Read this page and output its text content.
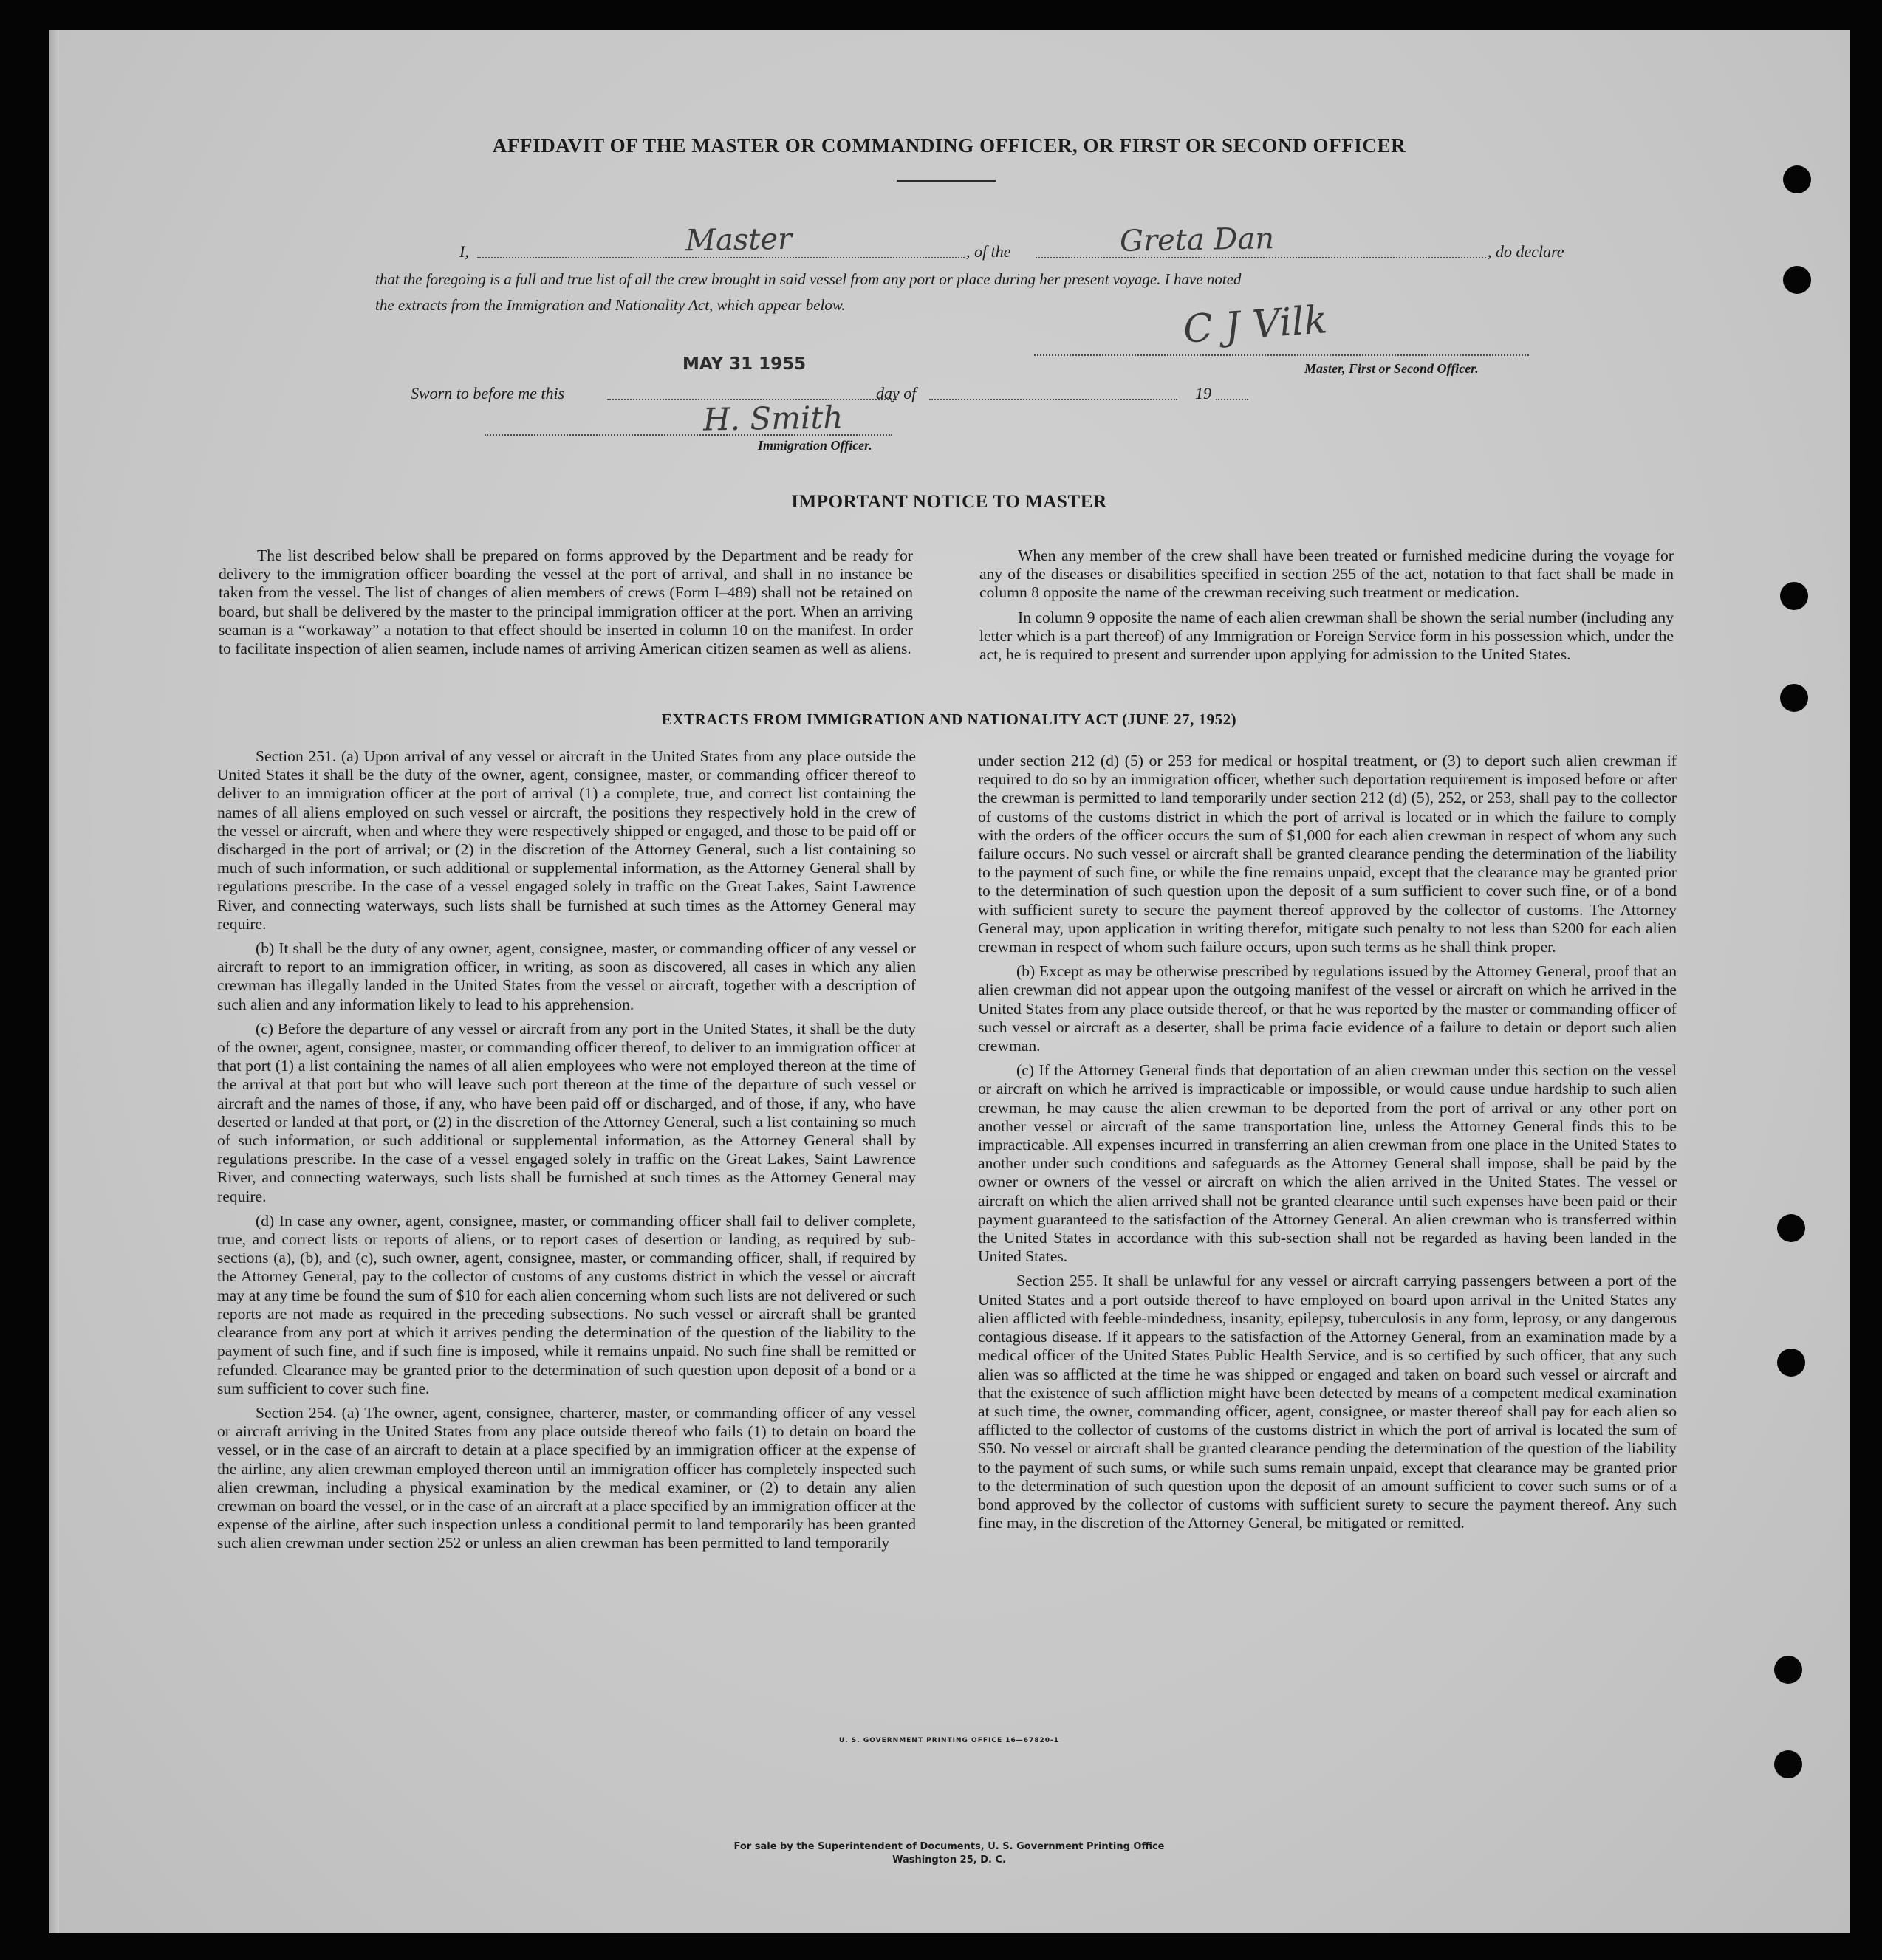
AFFIDAVIT OF THE MASTER OR COMMANDING OFFICER, OR FIRST OR SECOND OFFICER
I,	Master	, of the	Greta Dan	, do declare
that the foregoing is a full and true list of all the crew brought in said vessel from any port or place during her present voyage. I have noted
the extracts from the Immigration and Nationality Act, which appear below.	C J Vilk
Master, First or Second Officer.
MAY 31 1955
Sworn to before me this	day of	19
H. Smith
Immigration Officer.
IMPORTANT NOTICE TO MASTER

The list described below shall be prepared on forms approved by the Department and be ready for delivery to the immigration officer boarding the vessel at the port of arrival, and shall in no instance be taken from the vessel. The list of changes of alien members of crews (Form I–489) shall not be retained on board, but shall be delivered by the master to the principal immigration officer at the port. When an arriving seaman is a “workaway” a notation to that effect should be inserted in column 10 on the manifest. In order to facilitate inspection of alien seamen, include names of arriving American citizen seamen as well as aliens.

When any member of the crew shall have been treated or furnished medicine during the voyage for any of the diseases or disabilities specified in section 255 of the act, notation to that fact shall be made in column 8 opposite the name of the crewman receiving such treatment or medication.

In column 9 opposite the name of each alien crewman shall be shown the serial number (including any letter which is a part thereof) of any Immigration or Foreign Service form in his possession which, under the act, he is required to present and surrender upon applying for admission to the United States.

EXTRACTS FROM IMMIGRATION AND NATIONALITY ACT (JUNE 27, 1952)

Section 251. (a) Upon arrival of any vessel or aircraft in the United States from any place outside the United States it shall be the duty of the owner, agent, consignee, master, or commanding officer thereof to deliver to an immigration officer at the port of arrival (1) a complete, true, and correct list containing the names of all aliens employed on such vessel or aircraft, the positions they respectively hold in the crew of the vessel or aircraft, when and where they were respectively shipped or engaged, and those to be paid off or discharged in the port of arrival; or (2) in the discretion of the Attorney General, such a list containing so much of such information, or such additional or supplemental information, as the Attorney General shall by regulations prescribe. In the case of a vessel engaged solely in traffic on the Great Lakes, Saint Lawrence River, and connecting waterways, such lists shall be furnished at such times as the Attorney General may require.

(b) It shall be the duty of any owner, agent, consignee, master, or commanding officer of any vessel or aircraft to report to an immigration officer, in writing, as soon as discovered, all cases in which any alien crewman has illegally landed in the United States from the vessel or aircraft, together with a description of such alien and any information likely to lead to his apprehension.

(c) Before the departure of any vessel or aircraft from any port in the United States, it shall be the duty of the owner, agent, consignee, master, or commanding officer thereof, to deliver to an immigration officer at that port (1) a list containing the names of all alien employees who were not employed thereon at the time of the arrival at that port but who will leave such port thereon at the time of the departure of such vessel or aircraft and the names of those, if any, who have been paid off or discharged, and of those, if any, who have deserted or landed at that port, or (2) in the discretion of the Attorney General, such a list containing so much of such information, or such additional or supplemental information, as the Attorney General shall by regulations prescribe. In the case of a vessel engaged solely in traffic on the Great Lakes, Saint Lawrence River, and connecting waterways, such lists shall be furnished at such times as the Attorney General may require.

(d) In case any owner, agent, consignee, master, or commanding officer shall fail to deliver complete, true, and correct lists or reports of aliens, or to report cases of desertion or landing, as required by sub-sections (a), (b), and (c), such owner, agent, consignee, master, or commanding officer, shall, if required by the Attorney General, pay to the collector of customs of any customs district in which the vessel or aircraft may at any time be found the sum of $10 for each alien concerning whom such lists are not delivered or such reports are not made as required in the preceding subsections. No such vessel or aircraft shall be granted clearance from any port at which it arrives pending the determination of the question of the liability to the payment of such fine, and if such fine is imposed, while it remains unpaid. No such fine shall be remitted or refunded. Clearance may be granted prior to the determination of such question upon deposit of a bond or a sum sufficient to cover such fine.

Section 254. (a) The owner, agent, consignee, charterer, master, or commanding officer of any vessel or aircraft arriving in the United States from any place outside thereof who fails (1) to detain on board the vessel, or in the case of an aircraft to detain at a place specified by an immigration officer at the expense of the airline, any alien crewman employed thereon until an immigration officer has completely inspected such alien crewman, including a physical examination by the medical examiner, or (2) to detain any alien crewman on board the vessel, or in the case of an aircraft at a place specified by an immigration officer at the expense of the airline, after such inspection unless a conditional permit to land temporarily has been granted such alien crewman under section 252 or unless an alien crewman has been permitted to land temporarily

under section 212 (d) (5) or 253 for medical or hospital treatment, or (3) to deport such alien crewman if required to do so by an immigration officer, whether such deportation requirement is imposed before or after the crewman is permitted to land temporarily under section 212 (d) (5), 252, or 253, shall pay to the collector of customs of the customs district in which the port of arrival is located or in which the failure to comply with the orders of the officer occurs the sum of $1,000 for each alien crewman in respect of whom any such failure occurs. No such vessel or aircraft shall be granted clearance pending the determination of the liability to the payment of such fine, or while the fine remains unpaid, except that the clearance may be granted prior to the determination of such question upon the deposit of a sum sufficient to cover such fine, or of a bond with sufficient surety to secure the payment thereof approved by the collector of customs. The Attorney General may, upon application in writing therefor, mitigate such penalty to not less than $200 for each alien crewman in respect of whom such failure occurs, upon such terms as he shall think proper.

(b) Except as may be otherwise prescribed by regulations issued by the Attorney General, proof that an alien crewman did not appear upon the outgoing manifest of the vessel or aircraft on which he arrived in the United States from any place outside thereof, or that he was reported by the master or commanding officer of such vessel or aircraft as a deserter, shall be prima facie evidence of a failure to detain or deport such alien crewman.

(c) If the Attorney General finds that deportation of an alien crewman under this section on the vessel or aircraft on which he arrived is impracticable or impossible, or would cause undue hardship to such alien crewman, he may cause the alien crewman to be deported from the port of arrival or any other port on another vessel or aircraft of the same transportation line, unless the Attorney General finds this to be impracticable. All expenses incurred in transferring an alien crewman from one place in the United States to another under such conditions and safeguards as the Attorney General shall impose, shall be paid by the owner or owners of the vessel or aircraft on which the alien arrived in the United States. The vessel or aircraft on which the alien arrived shall not be granted clearance until such expenses have been paid or their payment guaranteed to the satisfaction of the Attorney General. An alien crewman who is transferred within the United States in accordance with this sub-section shall not be regarded as having been landed in the United States.

Section 255. It shall be unlawful for any vessel or aircraft carrying passengers between a port of the United States and a port outside thereof to have employed on board upon arrival in the United States any alien afflicted with feeble-mindedness, insanity, epilepsy, tuberculosis in any form, leprosy, or any dangerous contagious disease. If it appears to the satisfaction of the Attorney General, from an examination made by a medical officer of the United States Public Health Service, and is so certified by such officer, that any such alien was so afflicted at the time he was shipped or engaged and taken on board such vessel or aircraft and that the existence of such affliction might have been detected by means of a competent medical examination at such time, the owner, commanding officer, agent, consignee, or master thereof shall pay for each alien so afflicted to the collector of customs of the customs district in which the port of arrival is located the sum of $50. No vessel or aircraft shall be granted clearance pending the determination of the question of the liability to the payment of such sums, or while such sums remain unpaid, except that clearance may be granted prior to the determination of such question upon the deposit of an amount sufficient to cover such sums or of a bond approved by the collector of customs with sufficient surety to secure the payment thereof. Any such fine may, in the discretion of the Attorney General, be mitigated or remitted.

U. S. GOVERNMENT PRINTING OFFICE 16—67820-1
For sale by the Superintendent of Documents, U. S. Government Printing Office
Washington 25, D. C.
